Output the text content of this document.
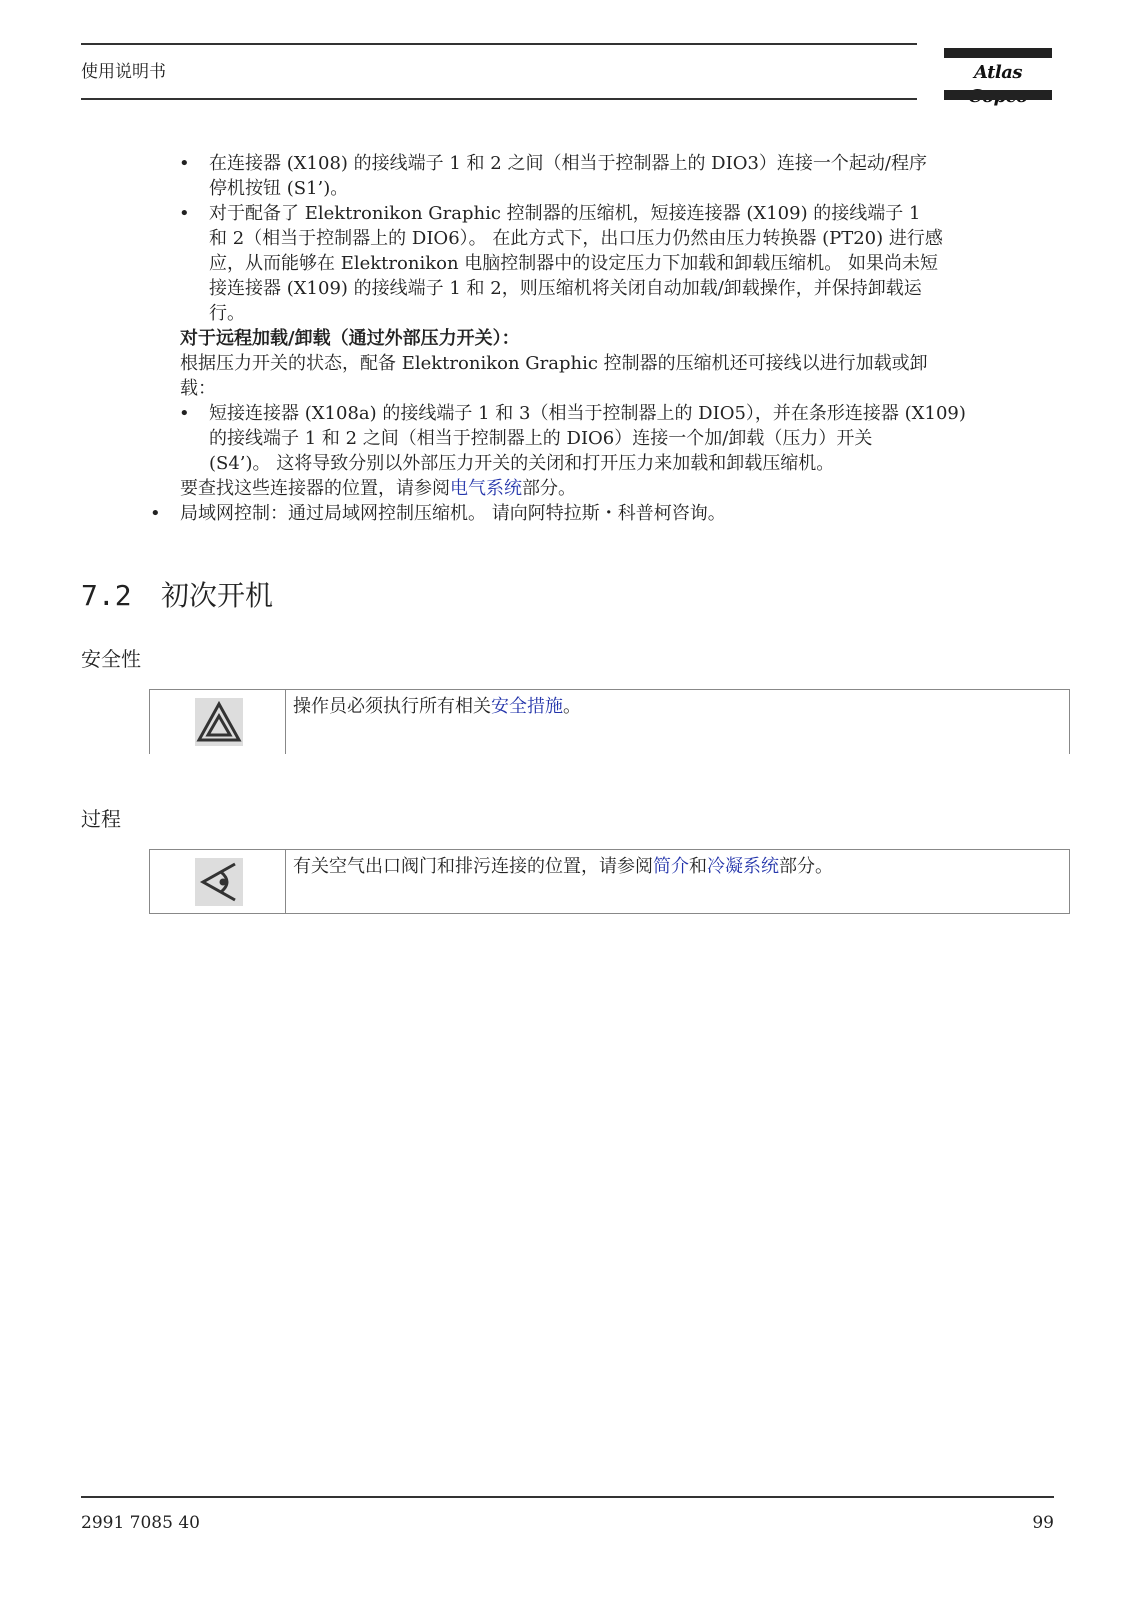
使用说明书	Atlas
• 在连接器 (X108) 的接线端子 1 和 2 之间（相当于控制器上的 DIO3）连接一个起动/程序
停机按钮 (S1’)。
• 对于配备了 Elektronikon Graphic 控制器的压缩机，短接连接器 (X109) 的接线端子 1
和 2（相当于控制器上的 DIO6）。 在此方式下，出口压力仍然由压力转换器 (PT20) 进行感
应，从而能够在 Elektronikon 电脑控制器中的设定压力下加载和卸载压缩机。 如果尚未短
接连接器 (X109) 的接线端子 1 和 2，则压缩机将关闭自动加载/卸载操作，并保持卸载运
行。
对于远程加载/卸载（通过外部压力开关）：
根据压力开关的状态，配备 Elektronikon Graphic 控制器的压缩机还可接线以进行加载或卸
载：
• 短接连接器 (X108a) 的接线端子 1 和 3（相当于控制器上的 DIO5），并在条形连接器 (X109)
的接线端子 1 和 2 之间（相当于控制器上的 DIO6）连接一个加/卸载（压力）开关
(S4’)。 这将导致分别以外部压力开关的关闭和打开压力来加载和卸载压缩机。
要查找这些连接器的位置，请参阅电气系统部分。
• 局域网控制：通过局域网控制压缩机。 请向阿特拉斯・科普柯咨询。
7.2 初次开机
安全性
操作员必须执行所有相关安全措施。
过程
有关空气出口阀门和排污连接的位置，请参阅简介和冷凝系统部分。
2991 7085 40	99
